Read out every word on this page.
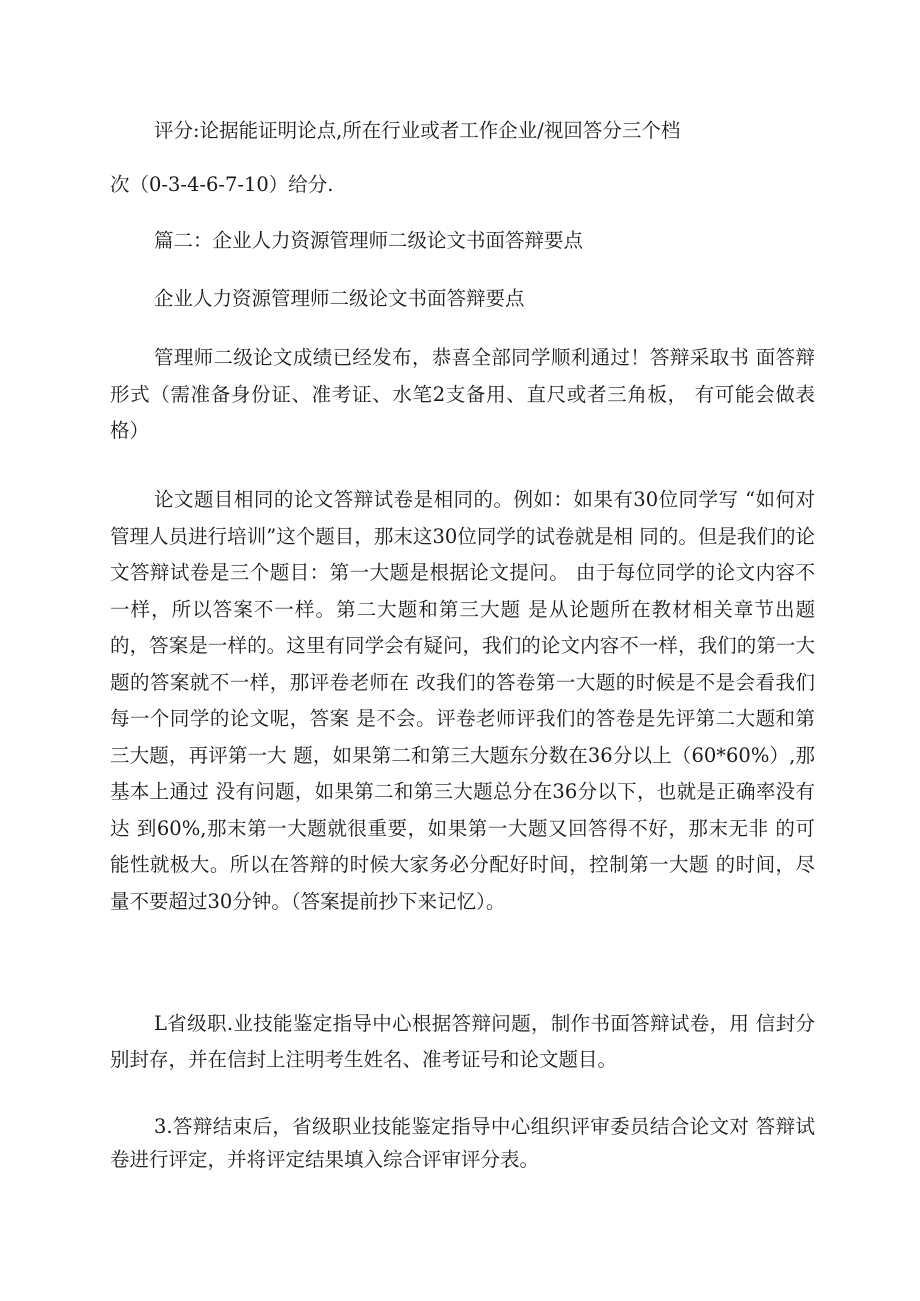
评分:论据能证明论点,所在行业或者工作企业/视回答分三个档

次（0-3-4-6-7-10）给分.

篇二：企业人力资源管理师二级论文书面答辩要点

企业人力资源管理师二级论文书面答辩要点

管理师二级论文成绩已经发布，恭喜全部同学顺利通过！答辩采取书 面答辩形式（需准备身份证、准考证、水笔2支备用、直尺或者三角板， 有可能会做表格）

论文题目相同的论文答辩试卷是相同的。例如：如果有30位同学写 “如何对管理人员进行培训”这个题目，那末这30位同学的试卷就是相 同的。但是我们的论文答辩试卷是三个题目：第一大题是根据论文提问。 由于每位同学的论文内容不一样，所以答案不一样。第二大题和第三大题 是从论题所在教材相关章节出题的，答案是一样的。这里有同学会有疑问，我们的论文内容不一样，我们的第一大题的答案就不一样，那评卷老师在 改我们的答卷第一大题的时候是不是会看我们每一个同学的论文呢，答案 是不会。评卷老师评我们的答卷是先评第二大题和第三大题，再评第一大 题，如果第二和第三大题东分数在36分以上（60*60%）,那基本上通过 没有问题，如果第二和第三大题总分在36分以下，也就是正确率没有达 到60%,那末第一大题就很重要，如果第一大题又回答得不好，那末无非 的可能性就极大。所以在答辩的时候大家务必分配好时间，控制第一大题 的时间，尽量不要超过30分钟。（答案提前抄下来记忆）。

L省级职.业技能鉴定指导中心根据答辩问题，制作书面答辩试卷，用 信封分别封存，并在信封上注明考生姓名、准考证号和论文题目。

3.答辩结束后，省级职业技能鉴定指导中心组织评审委员结合论文对 答辩试卷进行评定，并将评定结果填入综合评审评分表。
